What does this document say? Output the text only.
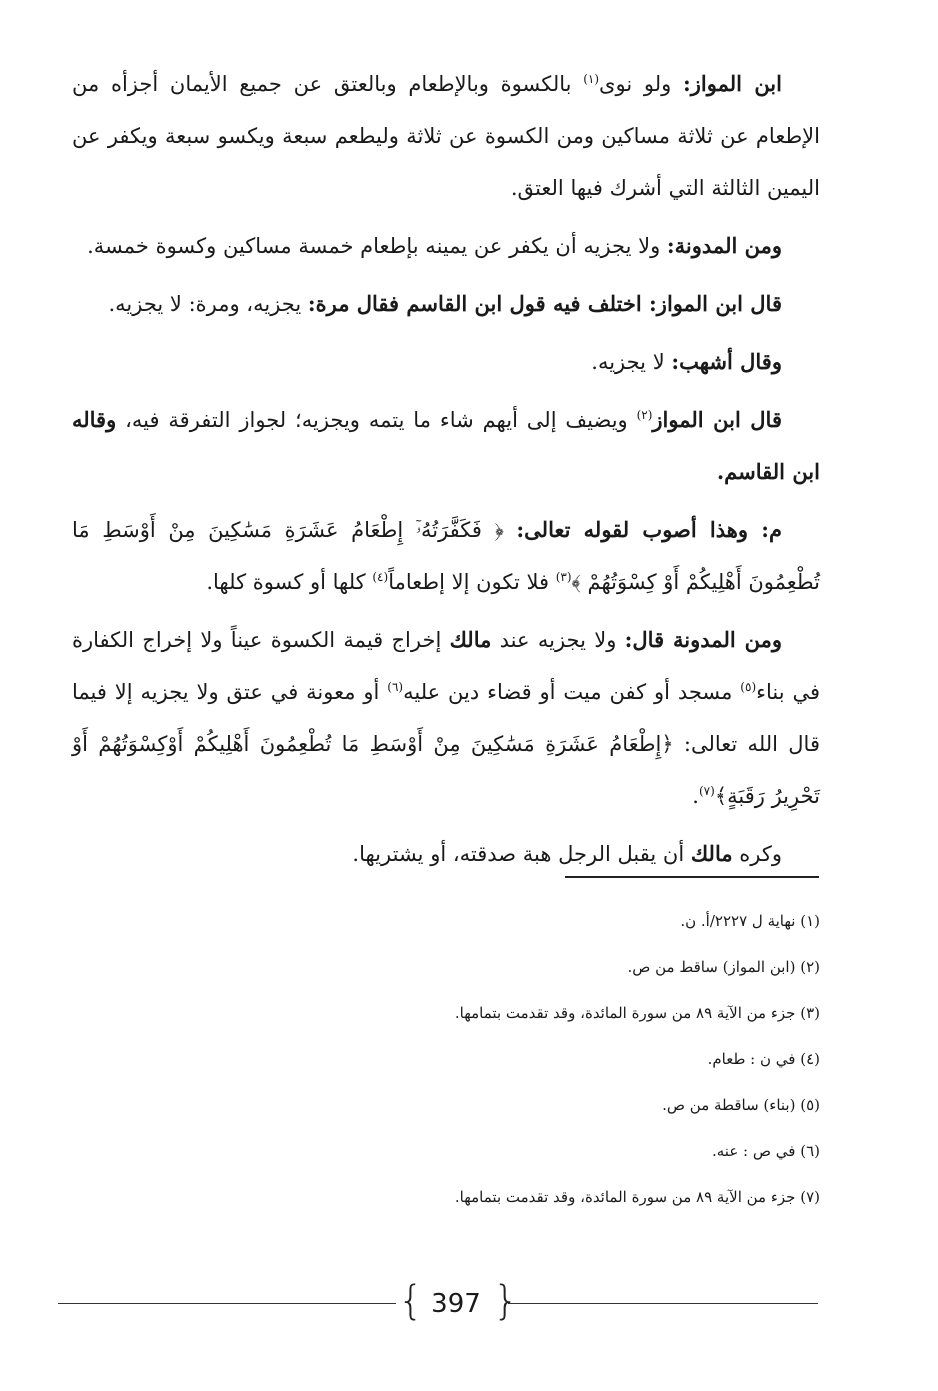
ابن المواز: ولو نوى$^{(١)}$ بالكسوة وبالإطعام وبالعتق عن جميع الأيمان أجزأه من الإطعام عن ثلاثة مساكين ومن الكسوة عن ثلاثة وليطعم سبعة ويكسو سبعة ويكفر عن اليمين الثالثة التي أشرك فيها العتق.

ومن المدونة: ولا يجزيه أن يكفر عن يمينه بإطعام خمسة مساكين وكسوة خمسة.

قال ابن المواز: اختلف فيه قول ابن القاسم فقال مرة: يجزيه، ومرة: لا يجزيه.

وقال أشهب: لا يجزيه.

قال ابن المواز$^{(٢)}$ ويضيف إلى أيهم شاء ما يتمه ويجزيه؛ لجواز التفرقة فيه، وقاله ابن القاسم.

م: وهذا أصوب لقوله تعالى: ﴿ فَكَفَّرَتُهُۥٓ إِطْعَامُ عَشَرَةِ مَسَٰكِينَ مِنْ أَوْسَطِ مَا تُطْعِمُونَ أَهْلِيكُمْ أَوْ كِسْوَتُهُمْ ﴾$^{(٣)}$ فلا تكون إلا إطعاماً$^{(٤)}$ كلها أو كسوة كلها.

ومن المدونة قال: ولا يجزيه عند مالك إخراج قيمة الكسوة عيناً ولا إخراج الكفارة في بناء$^{(٥)}$ مسجد أو كفن ميت أو قضاء دين عليه$^{(٦)}$ أو معونة في عتق ولا يجزيه إلا فيما قال الله تعالى: ﴿إِطْعَامُ عَشَرَةِ مَسَٰكِينَ مِنْ أَوْسَطِ مَا تُطْعِمُونَ أَهْلِيكُمْ أَوْكِسْوَتُهُمْ أَوْ تَحْرِيرُ رَقَبَةٍ﴾$^{(٧)}$.

وكره مالك أن يقبل الرجل هبة صدقته، أو يشتريها.

(١) نهاية ل ٢٢٢٧/أ. ن.

(٢) (ابن المواز) ساقط من ص.

(٣) جزء من الآية ٨٩ من سورة المائدة، وقد تقدمت بتمامها.

(٤) في ن : طعام.

(٥) (بناء) ساقطة من ص.

(٦) في ص : عنه.

(٧) جزء من الآية ٨٩ من سورة المائدة، وقد تقدمت بتمامها.

{ 397 }
